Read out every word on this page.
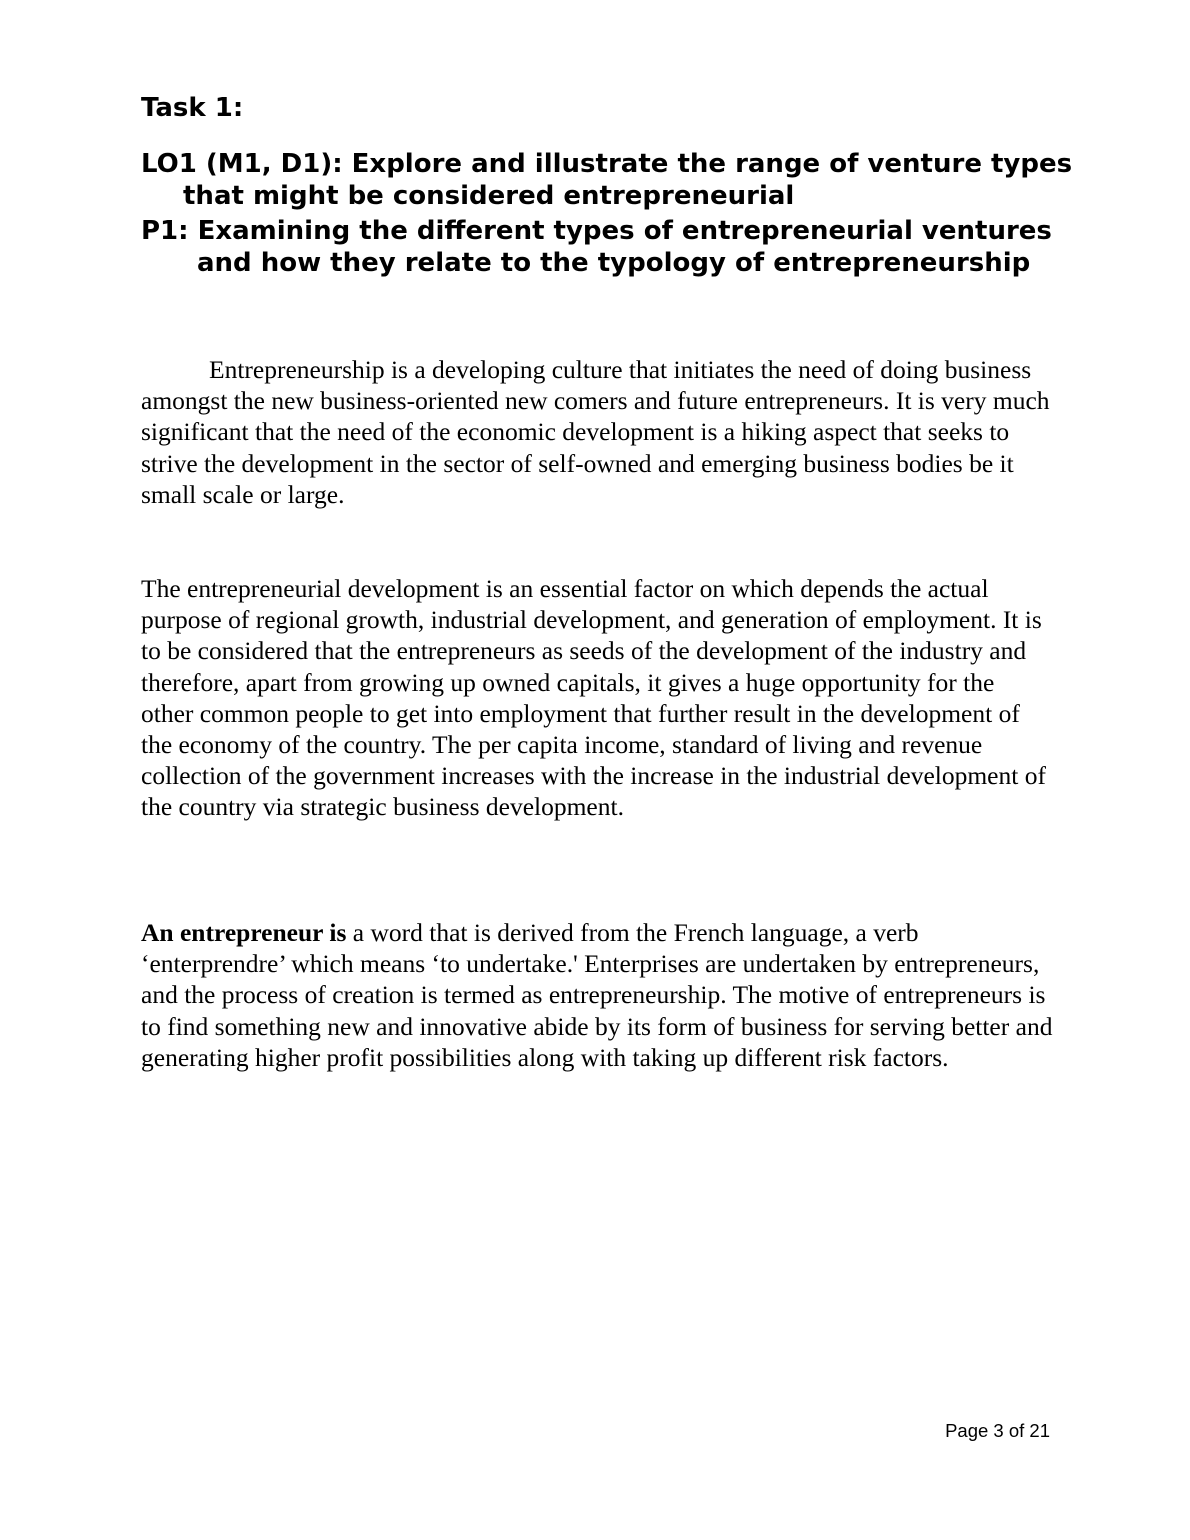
Task 1:
LO1 (M1, D1): Explore and illustrate the range of venture types that might be considered entrepreneurial
P1: Examining the different types of entrepreneurial ventures and how they relate to the typology of entrepreneurship

Entrepreneurship is a developing culture that initiates the need of doing business amongst the new business-oriented new comers and future entrepreneurs. It is very much significant that the need of the economic development is a hiking aspect that seeks to strive the development in the sector of self-owned and emerging business bodies be it small scale or large.

The entrepreneurial development is an essential factor on which depends the actual purpose of regional growth, industrial development, and generation of employment. It is to be considered that the entrepreneurs as seeds of the development of the industry and therefore, apart from growing up owned capitals, it gives a huge opportunity for the other common people to get into employment that further result in the development of the economy of the country. The per capita income, standard of living and revenue collection of the government increases with the increase in the industrial development of the country via strategic business development.

An entrepreneur is a word that is derived from the French language, a verb ‘enterprendre’ which means ‘to undertake.' Enterprises are undertaken by entrepreneurs, and the process of creation is termed as entrepreneurship. The motive of entrepreneurs is to find something new and innovative abide by its form of business for serving better and generating higher profit possibilities along with taking up different risk factors.

Page 3 of 21
